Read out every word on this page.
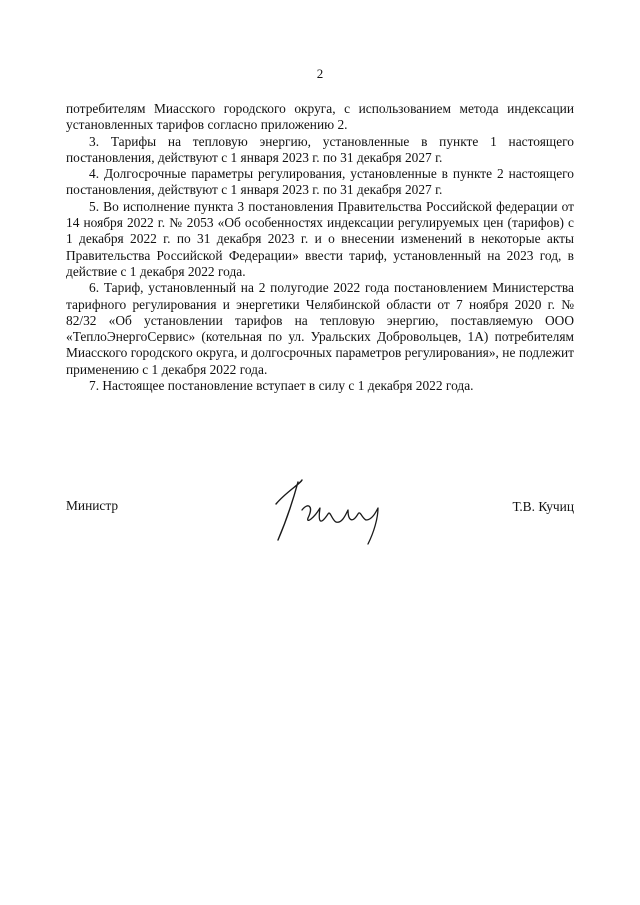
2

потребителям Миасского городского округа, с использованием метода индексации установленных тарифов согласно приложению 2.

3. Тарифы на тепловую энергию, установленные в пункте 1 настоящего постановления, действуют с 1 января 2023 г. по 31 декабря 2027 г.

4. Долгосрочные параметры регулирования, установленные в пункте 2 настоящего постановления, действуют с 1 января 2023 г. по 31 декабря 2027 г.

5. Во исполнение пункта 3 постановления Правительства Российской федерации от 14 ноября 2022 г. № 2053 «Об особенностях индексации регулируемых цен (тарифов) с 1 декабря 2022 г. по 31 декабря 2023 г. и о внесении изменений в некоторые акты Правительства Российской Федерации» ввести тариф, установленный на 2023 год, в действие с 1 декабря 2022 года.

6. Тариф, установленный на 2 полугодие 2022 года постановлением Министерства тарифного регулирования и энергетики Челябинской области от 7 ноября 2020 г. № 82/32 «Об установлении тарифов на тепловую энергию, поставляемую ООО «ТеплоЭнергоСервис» (котельная по ул. Уральских Добровольцев, 1А) потребителям Миасского городского округа, и долгосрочных параметров регулирования», не подлежит применению с 1 декабря 2022 года.

7. Настоящее постановление вступает в силу с 1 декабря 2022 года.

Министр	Т.В. Кучиц
